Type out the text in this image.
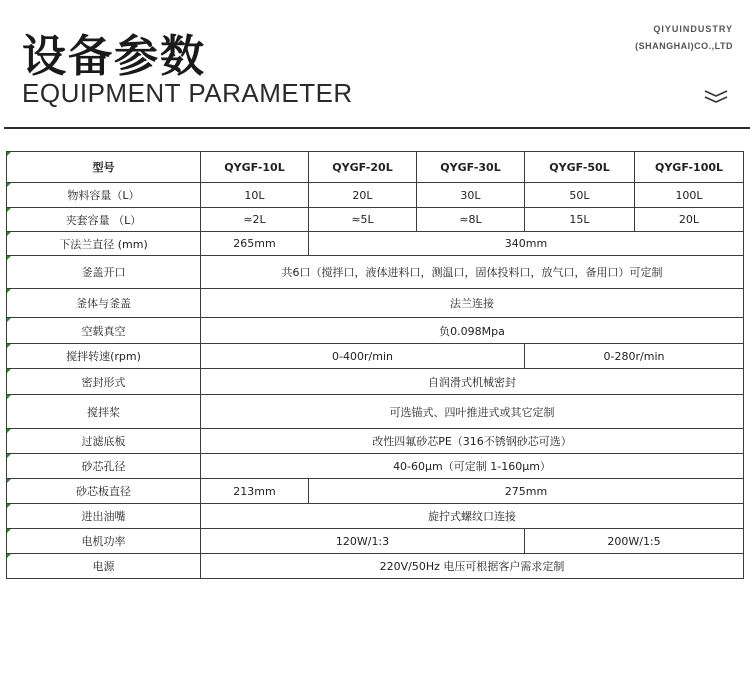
设备参数
EQUIPMENT PARAMETER
QIYUINDUSTRY
(SHANGHAI)CO.,LTD
型号	QYGF-10L	QYGF-20L	QYGF-30L	QYGF-50L	QYGF-100L
物料容量（L）	10L	20L	30L	50L	100L
夹套容量 （L）	≈2L	≈5L	≈8L	15L	20L
下法兰直径 (mm)	265mm	340mm			
釜盖开口	共6口（搅拌口，液体进料口，测温口，固体投料口，放气口，备用口）可定制				
釜体与釜盖	法兰连接				
空载真空	负0.098Mpa				
搅拌转速(rpm)	0-400r/min			0-280r/min	
密封形式	自润滑式机械密封				
搅拌桨	可选锚式、四叶推进式或其它定制				
过滤底板	改性四氟砂芯PE（316不锈钢砂芯可选）				
砂芯孔径	40-60μm（可定制 1-160μm）				
砂芯板直径	213mm	275mm			
进出油嘴	旋拧式螺纹口连接				
电机功率	120W/1:3			200W/1:5	
电源	220V/50Hz 电压可根据客户需求定制				
